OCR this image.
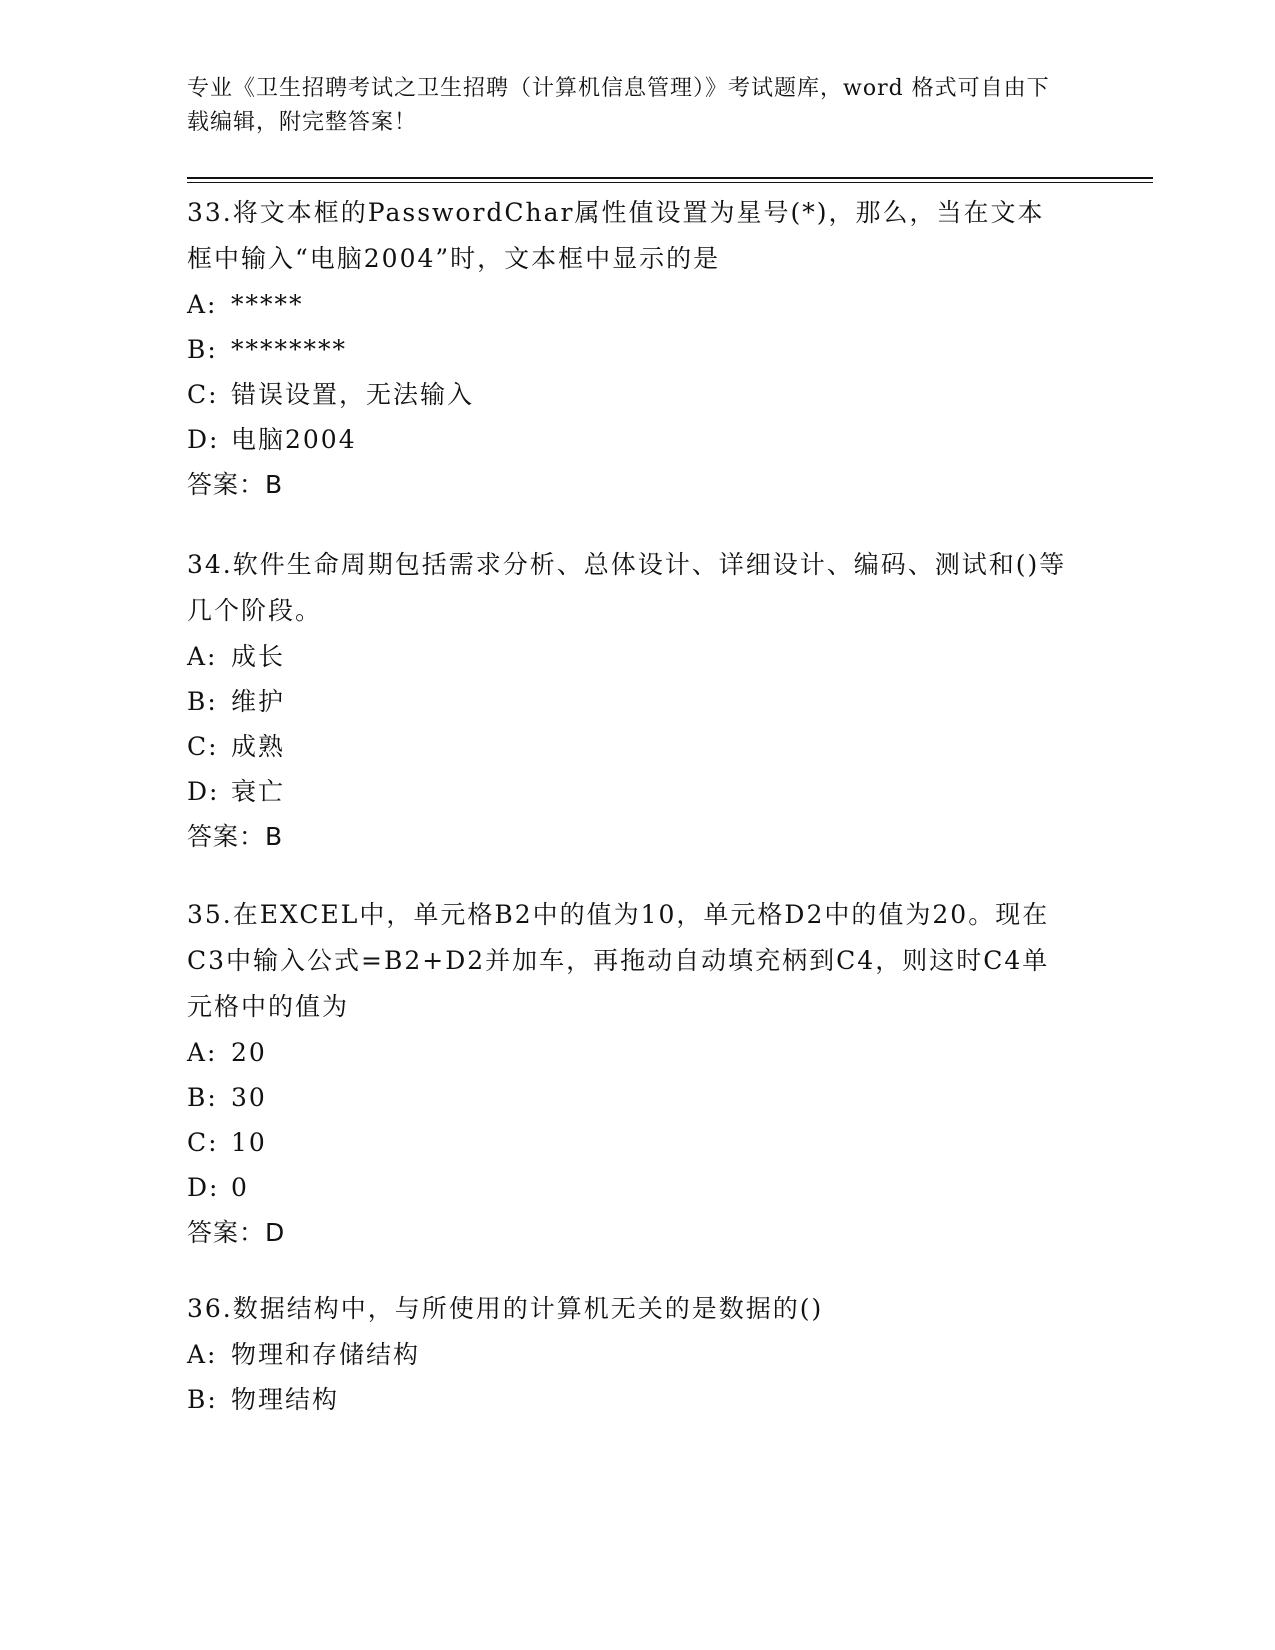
专业《卫生招聘考试之卫生招聘（计算机信息管理）》考试题库，word 格式可自由下载编辑，附完整答案！

33.将文本框的PasswordChar属性值设置为星号(*)，那么，当在文本框中输入“电脑2004”时，文本框中显示的是

A: *****

B: ********

C: 错误设置，无法输入

D: 电脑2004

答案：B

34.软件生命周期包括需求分析、总体设计、详细设计、编码、测试和()等几个阶段。

A: 成长

B: 维护

C: 成熟

D: 衰亡

答案：B

35.在EXCEL中，单元格B2中的值为10，单元格D2中的值为20。现在C3中输入公式=B2+D2并加车，再拖动自动填充柄到C4，则这时C4单元格中的值为

A: 20

B: 30

C: 10

D: 0

答案：D

36.数据结构中，与所使用的计算机无关的是数据的()

A: 物理和存储结构

B: 物理结构
